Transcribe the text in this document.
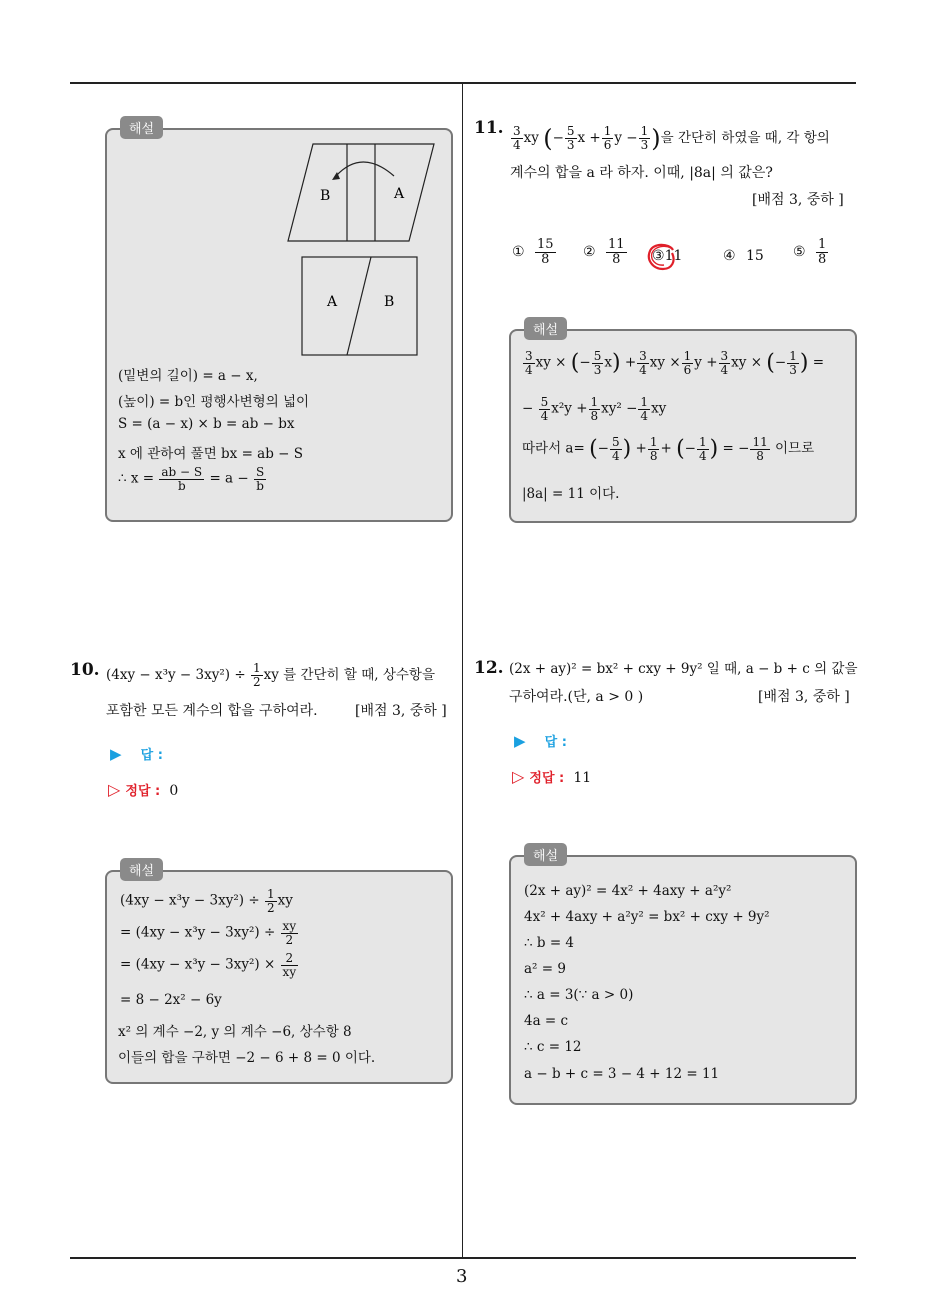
3
해설
B	A
A	B
(밑변의 길이) = a − x,
(높이) = b인 평행사변형의 넓이
S = (a − x) × b = ab − bx
x 에 관하여 풀면 bx = ab − S
∴ $x = \frac{ab - S}{b} = a - \frac{S}{b}$
10. $(4xy - x^3y - 3xy^2) \div \frac{1}{2}$ xy 를 간단히 할 때, 상수항을
포함한 모든 계수의 합을 구하여라.	[배점 3, 중하 ]
▶ 답 :
▷ 정답 : 0
해설
$(4xy - x^3y - 3xy^2) \div \frac{1}{2}$ xy
= $(4xy - x^3y - 3xy^2) \div \frac{xy}{2}$
= $(4xy - x^3y - 3xy^2) \times \frac{2}{xy}$
= 8 − 2x² − 6y
x² 의 계수 −2, y 의 계수 −6, 상수항 8
이들의 합을 구하면 −2 − 6 + 8 = 0 이다.
11. $\frac{3}{4}$ xy (− $\frac{5}{3}$ $x + \frac{1}{6}$ $y - \frac{1}{3}$ )을 간단히 하였을 때, 각 항의
계수의 합을 a 라 하자. 이때, |8a| 의 값은?
[배점 3, 중하 ]
① $\frac{15}{8}$ ② $\frac{11}{8}$ ③11	④ 15 ⑤ $\frac{1}{8}$
해설
$\frac{3}{4}$ xy × (− $\frac{5}{3} x) + \frac{3}{4}$ xy × $\frac{1}{6}$ $y + \frac{3}{4}$ xy × (− $\frac{1}{3}$ ) =
− $\frac{5}{4} x^2y + \frac{1}{8} xy^2 - \frac{1}{4}$ xy
따라서 a= (− $\frac{5}{4}$ ) + $\frac{1}{8}$ + (− $\frac{1}{4}$ ) = − $\frac{11}{8}$ 이므로
|8a| = 11 이다.
12. (2x + ay)² = bx² + cxy + 9y² 일 때, a − b + c 의 값을
구하여라.(단, a > 0 )	[배점 3, 중하 ]
▶ 답 :
▷ 정답 : 11
해설
(2x + ay)² = 4x² + 4axy + a²y²
4x² + 4axy + a²y² = bx² + cxy + 9y²
∴ b = 4
a² = 9
∴ a = 3(∵ a > 0)
4a = c
∴ c = 12
a − b + c = 3 − 4 + 12 = 11
